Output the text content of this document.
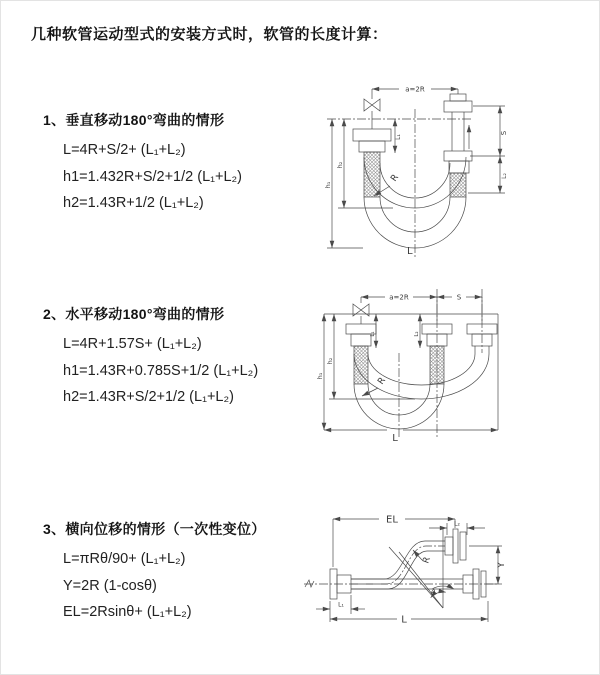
几种软管运动型式的安装方式时，软管的长度计算：
1、垂直移动180°弯曲的情形
L=4R+S/2+ (L₁+L₂)
h1=1.432R+S/2+1/2 (L₁+L₂)
h2=1.43R+1/2 (L₁+L₂)
2、水平移动180°弯曲的情形
L=4R+1.57S+ (L₁+L₂)
h1=1.43R+0.785S+1/2 (L₁+L₂)
h2=1.43R+S/2+1/2 (L₁+L₂)
3、横向位移的情形（一次性变位）
L=πRθ/90+ (L₁+L₂)
Y=2R (1-cosθ)
EL=2Rsinθ+ (L₁+L₂)
a=2R
S
L₂
L₁
h₁
h₂
R
L
a=2R	S
L₁	L₂
h₁
h₂
R
L
EL	L₂
Y
R
θ
L₁
L
